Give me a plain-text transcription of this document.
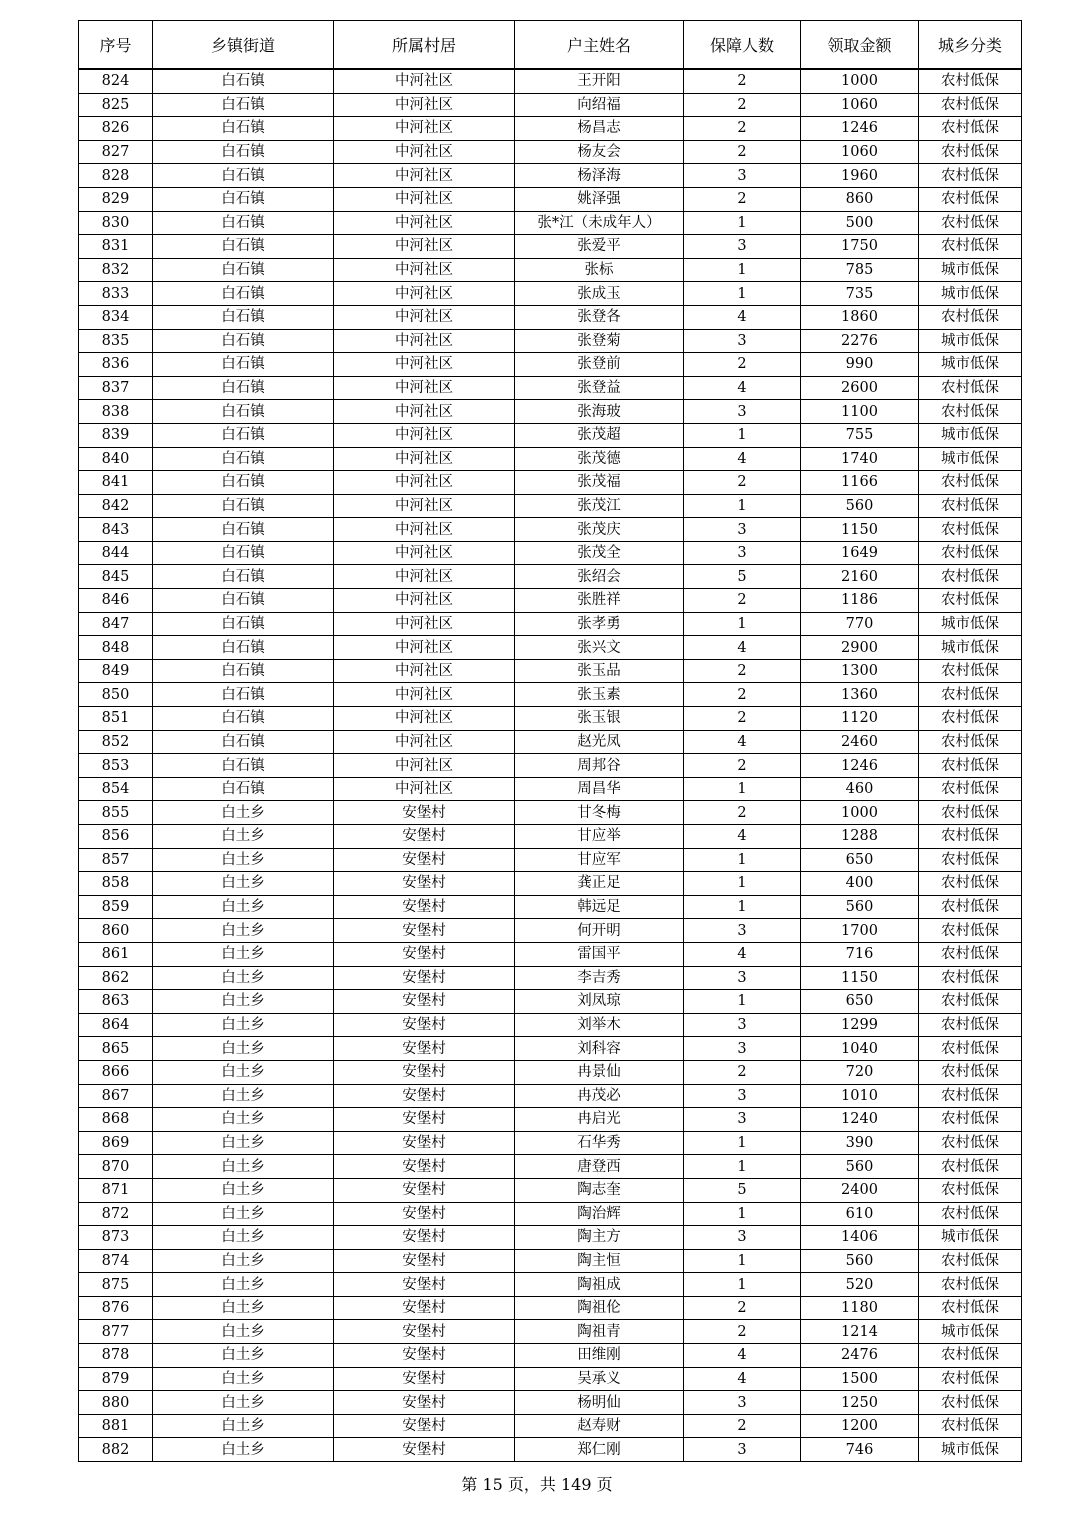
序号	乡镇街道	所属村居	户主姓名	保障人数	领取金额	城乡分类
824	白石镇	中河社区	王开阳	2	1000	农村低保
825	白石镇	中河社区	向绍福	2	1060	农村低保
826	白石镇	中河社区	杨昌志	2	1246	农村低保
827	白石镇	中河社区	杨友会	2	1060	农村低保
828	白石镇	中河社区	杨泽海	3	1960	农村低保
829	白石镇	中河社区	姚泽强	2	860	农村低保
830	白石镇	中河社区	张*江（未成年人）	1	500	农村低保
831	白石镇	中河社区	张爱平	3	1750	农村低保
832	白石镇	中河社区	张标	1	785	城市低保
833	白石镇	中河社区	张成玉	1	735	城市低保
834	白石镇	中河社区	张登各	4	1860	农村低保
835	白石镇	中河社区	张登菊	3	2276	城市低保
836	白石镇	中河社区	张登前	2	990	城市低保
837	白石镇	中河社区	张登益	4	2600	农村低保
838	白石镇	中河社区	张海玻	3	1100	农村低保
839	白石镇	中河社区	张茂超	1	755	城市低保
840	白石镇	中河社区	张茂德	4	1740	城市低保
841	白石镇	中河社区	张茂福	2	1166	农村低保
842	白石镇	中河社区	张茂江	1	560	农村低保
843	白石镇	中河社区	张茂庆	3	1150	农村低保
844	白石镇	中河社区	张茂全	3	1649	农村低保
845	白石镇	中河社区	张绍会	5	2160	农村低保
846	白石镇	中河社区	张胜祥	2	1186	农村低保
847	白石镇	中河社区	张孝勇	1	770	城市低保
848	白石镇	中河社区	张兴文	4	2900	城市低保
849	白石镇	中河社区	张玉品	2	1300	农村低保
850	白石镇	中河社区	张玉素	2	1360	农村低保
851	白石镇	中河社区	张玉银	2	1120	农村低保
852	白石镇	中河社区	赵光凤	4	2460	农村低保
853	白石镇	中河社区	周邦谷	2	1246	农村低保
854	白石镇	中河社区	周昌华	1	460	农村低保
855	白土乡	安堡村	甘冬梅	2	1000	农村低保
856	白土乡	安堡村	甘应举	4	1288	农村低保
857	白土乡	安堡村	甘应军	1	650	农村低保
858	白土乡	安堡村	龚正足	1	400	农村低保
859	白土乡	安堡村	韩远足	1	560	农村低保
860	白土乡	安堡村	何开明	3	1700	农村低保
861	白土乡	安堡村	雷国平	4	716	农村低保
862	白土乡	安堡村	李吉秀	3	1150	农村低保
863	白土乡	安堡村	刘凤琼	1	650	农村低保
864	白土乡	安堡村	刘举木	3	1299	农村低保
865	白土乡	安堡村	刘科容	3	1040	农村低保
866	白土乡	安堡村	冉景仙	2	720	农村低保
867	白土乡	安堡村	冉茂必	3	1010	农村低保
868	白土乡	安堡村	冉启光	3	1240	农村低保
869	白土乡	安堡村	石华秀	1	390	农村低保
870	白土乡	安堡村	唐登西	1	560	农村低保
871	白土乡	安堡村	陶志奎	5	2400	农村低保
872	白土乡	安堡村	陶治辉	1	610	农村低保
873	白土乡	安堡村	陶主方	3	1406	城市低保
874	白土乡	安堡村	陶主恒	1	560	农村低保
875	白土乡	安堡村	陶祖成	1	520	农村低保
876	白土乡	安堡村	陶祖伦	2	1180	农村低保
877	白土乡	安堡村	陶祖青	2	1214	城市低保
878	白土乡	安堡村	田维刚	4	2476	农村低保
879	白土乡	安堡村	吴承义	4	1500	农村低保
880	白土乡	安堡村	杨明仙	3	1250	农村低保
881	白土乡	安堡村	赵寿财	2	1200	农村低保
882	白土乡	安堡村	郑仁刚	3	746	城市低保
第 15 页，共 149 页
